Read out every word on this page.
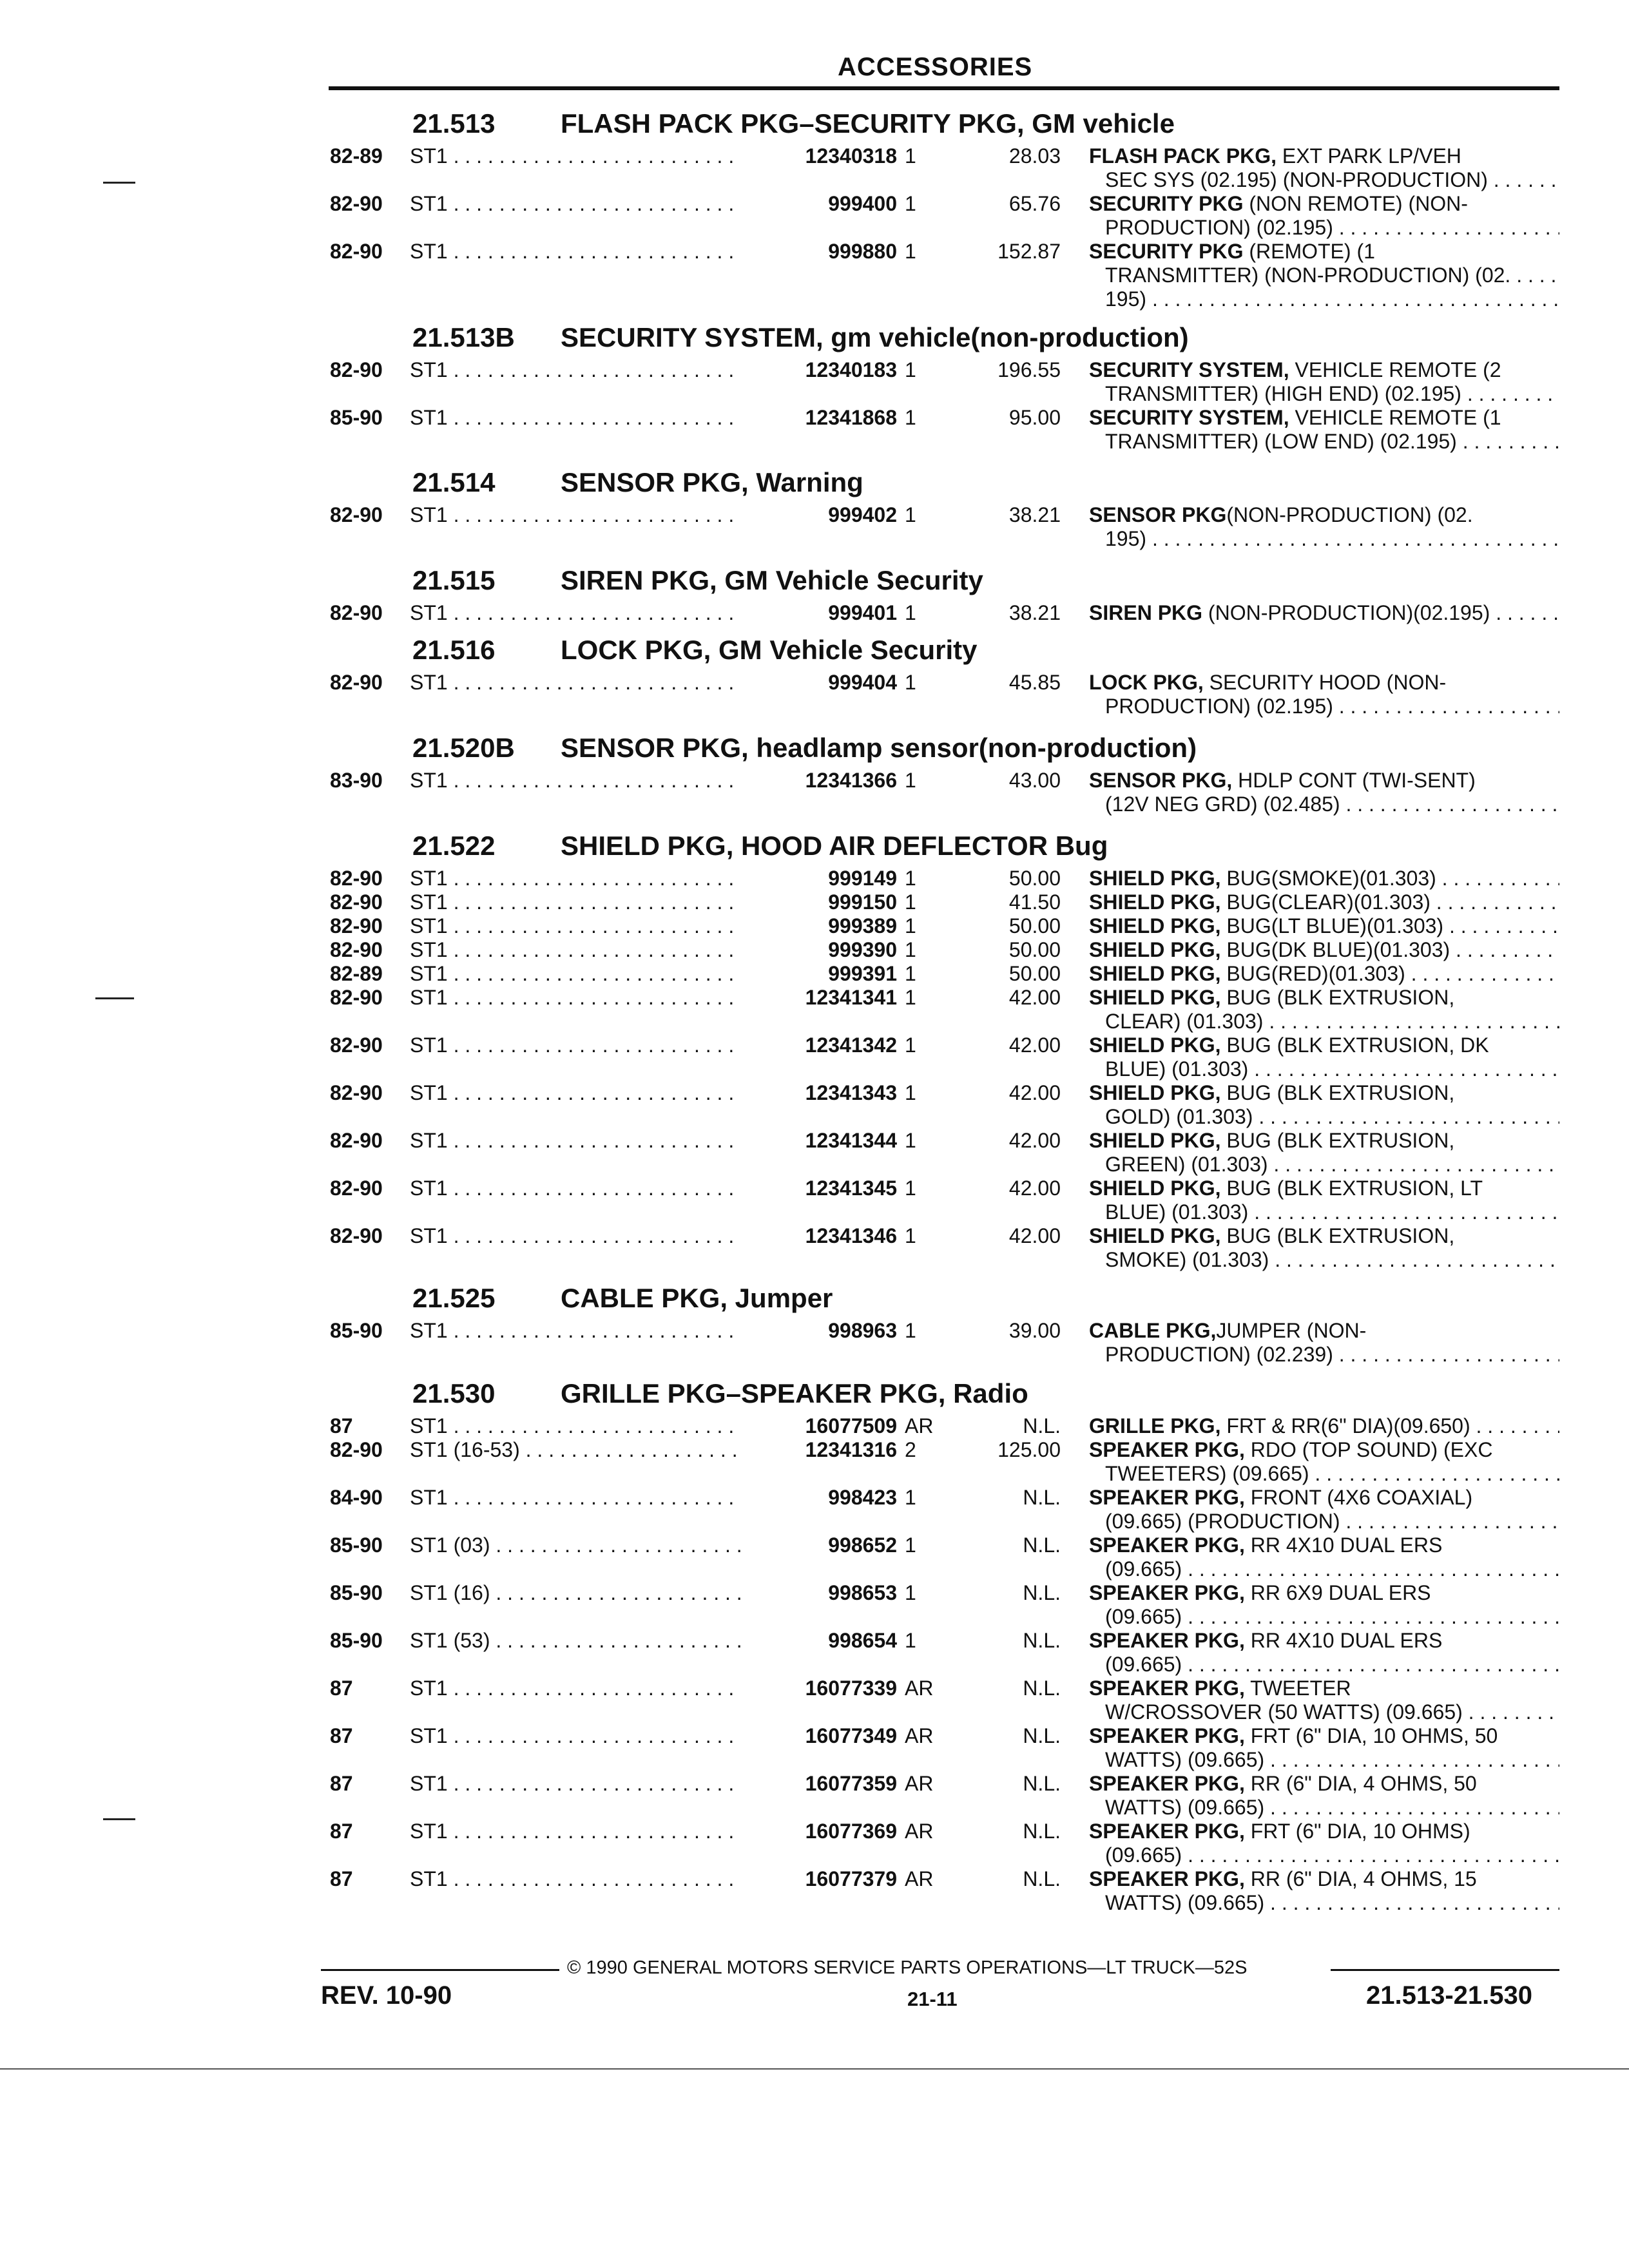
ACCESSORIES
21.513 FLASH PACK PKG–SECURITY PKG, GM vehicle
82-89 ST1 . . .	12340318 1	28.03 FLASH PACK PKG, EXT PARK LP/VEH
SEC SYS (02.195) (NON-PRODUCTION) . . .
82-90 ST1 . . .	999400 1	65.76 SECURITY PKG (NON REMOTE) (NON-
PRODUCTION) (02.195) . . .
82-90 ST1 . . .	999880 1	152.87 SECURITY PKG (REMOTE) (1
TRANSMITTER) (NON-PRODUCTION) (02. . . .
195) . . .
21.513B SECURITY SYSTEM, gm vehicle(non-production)
82-90 ST1 . . .	12340183 1	196.55 SECURITY SYSTEM, VEHICLE REMOTE (2
TRANSMITTER) (HIGH END) (02.195) . . .
85-90 ST1 . . .	12341868 1	95.00 SECURITY SYSTEM, VEHICLE REMOTE (1
TRANSMITTER) (LOW END) (02.195) . . .
21.514 SENSOR PKG, Warning
82-90 ST1 . . .	999402 1	38.21 SENSOR PKG(NON-PRODUCTION) (02.
195) . . .
21.515 SIREN PKG, GM Vehicle Security
82-90 ST1 . . .	999401 1	38.21 SIREN PKG (NON-PRODUCTION)(02.195) . . .
21.516 LOCK PKG, GM Vehicle Security
82-90 ST1 . . .	999404 1	45.85 LOCK PKG, SECURITY HOOD (NON-
PRODUCTION) (02.195) . . .
21.520B SENSOR PKG, headlamp sensor(non-production)
83-90 ST1 . . .	12341366 1	43.00 SENSOR PKG, HDLP CONT (TWI-SENT)
(12V NEG GRD) (02.485) . . .
21.522 SHIELD PKG, HOOD AIR DEFLECTOR Bug
82-90 ST1 . . .	999149 1	50.00 SHIELD PKG, BUG(SMOKE)(01.303) . . .
82-90 ST1 . . .	999150 1	41.50 SHIELD PKG, BUG(CLEAR)(01.303) . . .
82-90 ST1 . . .	999389 1	50.00 SHIELD PKG, BUG(LT BLUE)(01.303) . . .
82-90 ST1 . . .	999390 1	50.00 SHIELD PKG, BUG(DK BLUE)(01.303) . . .
82-89 ST1 . . .	999391 1	50.00 SHIELD PKG, BUG(RED)(01.303) . . .
82-90 ST1 . . .	12341341 1	42.00 SHIELD PKG, BUG (BLK EXTRUSION,
CLEAR) (01.303) . . .
82-90 ST1 . . .	12341342 1	42.00 SHIELD PKG, BUG (BLK EXTRUSION, DK
BLUE) (01.303) . . .
82-90 ST1 . . .	12341343 1	42.00 SHIELD PKG, BUG (BLK EXTRUSION,
GOLD) (01.303) . . .
82-90 ST1 . . .	12341344 1	42.00 SHIELD PKG, BUG (BLK EXTRUSION,
GREEN) (01.303) . . .
82-90 ST1 . . .	12341345 1	42.00 SHIELD PKG, BUG (BLK EXTRUSION, LT
BLUE) (01.303) . . .
82-90 ST1 . . .	12341346 1	42.00 SHIELD PKG, BUG (BLK EXTRUSION,
SMOKE) (01.303) . . .
21.525 CABLE PKG, Jumper
85-90 ST1 . . .	998963 1	39.00 CABLE PKG,JUMPER (NON-
PRODUCTION) (02.239) . . .
21.530 GRILLE PKG–SPEAKER PKG, Radio
87	ST1 . . .	16077509 AR	N.L. GRILLE PKG, FRT & RR(6" DIA)(09.650) . . .
82-90 ST1 (16-53) . . .	12341316 2	125.00 SPEAKER PKG, RDO (TOP SOUND) (EXC
TWEETERS) (09.665) . . .
84-90 ST1 . . .	998423 1	N.L. SPEAKER PKG, FRONT (4X6 COAXIAL)
(09.665) (PRODUCTION) . . .
85-90 ST1 (03) . . .	998652 1	N.L. SPEAKER PKG, RR 4X10 DUAL ERS
(09.665) . . .
85-90 ST1 (16) . . .	998653 1	N.L. SPEAKER PKG, RR 6X9 DUAL ERS
(09.665) . . .
85-90 ST1 (53) . . .	998654 1	N.L. SPEAKER PKG, RR 4X10 DUAL ERS
(09.665) . . .
87	ST1 . . .	16077339 AR	N.L. SPEAKER PKG, TWEETER
W/CROSSOVER (50 WATTS) (09.665) . . .
87	ST1 . . .	16077349 AR	N.L. SPEAKER PKG, FRT (6" DIA, 10 OHMS, 50
WATTS) (09.665) . . .
87	ST1 . . .	16077359 AR	N.L. SPEAKER PKG, RR (6" DIA, 4 OHMS, 50
WATTS) (09.665) . . .
87	ST1 . . .	16077369 AR	N.L. SPEAKER PKG, FRT (6" DIA, 10 OHMS)
(09.665) . . .
87	ST1 . . .	16077379 AR	N.L. SPEAKER PKG, RR (6" DIA, 4 OHMS, 15
WATTS) (09.665) . . .
© 1990 GENERAL MOTORS SERVICE PARTS OPERATIONS—LT TRUCK—52S
REV. 10-90	21-11	21.513-21.530
